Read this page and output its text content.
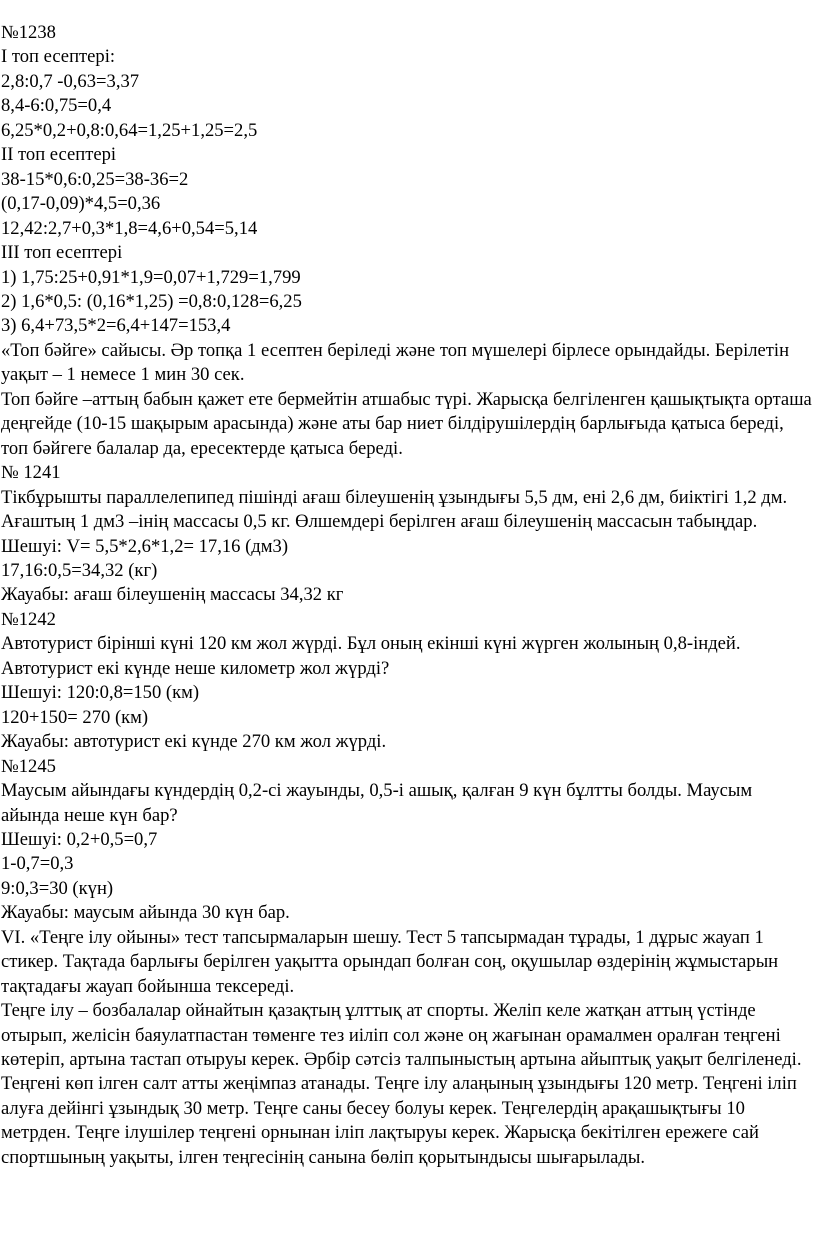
№1238

І топ есептері:

2,8:0,7 -0,63=3,37

8,4-6:0,75=0,4

6,25*0,2+0,8:0,64=1,25+1,25=2,5

ІІ топ есептері

38-15*0,6:0,25=38-36=2

(0,17-0,09)*4,5=0,36

12,42:2,7+0,3*1,8=4,6+0,54=5,14

ІІІ топ есептері

1) 1,75:25+0,91*1,9=0,07+1,729=1,799

2) 1,6*0,5: (0,16*1,25) =0,8:0,128=6,25

3) 6,4+73,5*2=6,4+147=153,4

«Топ бәйге» сайысы. Әр топқа 1 есептен беріледі және топ мүшелері бірлесе орындайды. Берілетін уақыт – 1 немесе 1 мин 30 сек.

Топ бәйге –аттың бабын қажет ете бермейтін атшабыс түрі. Жарысқа белгіленген қашықтықта орташа деңгейде (10-15 шақырым арасында) және аты бар ниет білдірушілердің барлығыда қатыса береді, топ бәйгеге балалар да, ересектерде қатыса береді.

№ 1241

Тікбұрышты параллелепипед пішінді ағаш білеушенің ұзындығы 5,5 дм, ені 2,6 дм, биіктігі 1,2 дм. Ағаштың 1 дм3 –інің массасы 0,5 кг. Өлшемдері берілген ағаш білеушенің массасын табыңдар.

Шешуі: V= 5,5*2,6*1,2= 17,16 (дм3)

17,16:0,5=34,32 (кг)

Жауабы: ағаш білеушенің массасы 34,32 кг

№1242

Автотурист бірінші күні 120 км жол жүрді. Бұл оның екінші күні жүрген жолының 0,8-індей. Автотурист екі күнде неше километр жол жүрді?

Шешуі: 120:0,8=150 (км)

120+150= 270 (км)

Жауабы: автотурист екі күнде 270 км жол жүрді.

№1245

Маусым айындағы күндердің 0,2-сі жауынды, 0,5-і ашық, қалған 9 күн бұлтты болды. Маусым айында неше күн бар?

Шешуі: 0,2+0,5=0,7

1-0,7=0,3

9:0,3=30 (күн)

Жауабы: маусым айында 30 күн бар.

VI. «Теңге ілу ойыны» тест тапсырмаларын шешу. Тест 5 тапсырмадан тұрады, 1 дұрыс жауап 1 стикер. Тақтада барлығы берілген уақытта орындап болған соң, оқушылар өздерінің жұмыстарын тақтадағы жауап бойынша тексереді.

Теңге ілу – бозбалалар ойнайтын қазақтың ұлттық ат спорты. Желіп келе жатқан аттың үстінде отырып, желісін баяулатпастан төменге тез иіліп сол және оң жағынан орамалмен оралған теңгені көтеріп, артына тастап отыруы керек. Әрбір сәтсіз талпыныстың артына айыптық уақыт белгіленеді. Теңгені көп ілген салт атты жеңімпаз атанады. Теңге ілу алаңының ұзындығы 120 метр. Теңгені іліп алуға дейінгі ұзындық 30 метр. Теңге саны бесеу болуы керек. Теңгелердің арақашықтығы 10 метрден. Теңге ілушілер теңгені орнынан іліп лақтыруы керек. Жарысқа бекітілген ережеге сай спортшының уақыты, ілген теңгесінің санына бөліп қорытындысы шығарылады.
